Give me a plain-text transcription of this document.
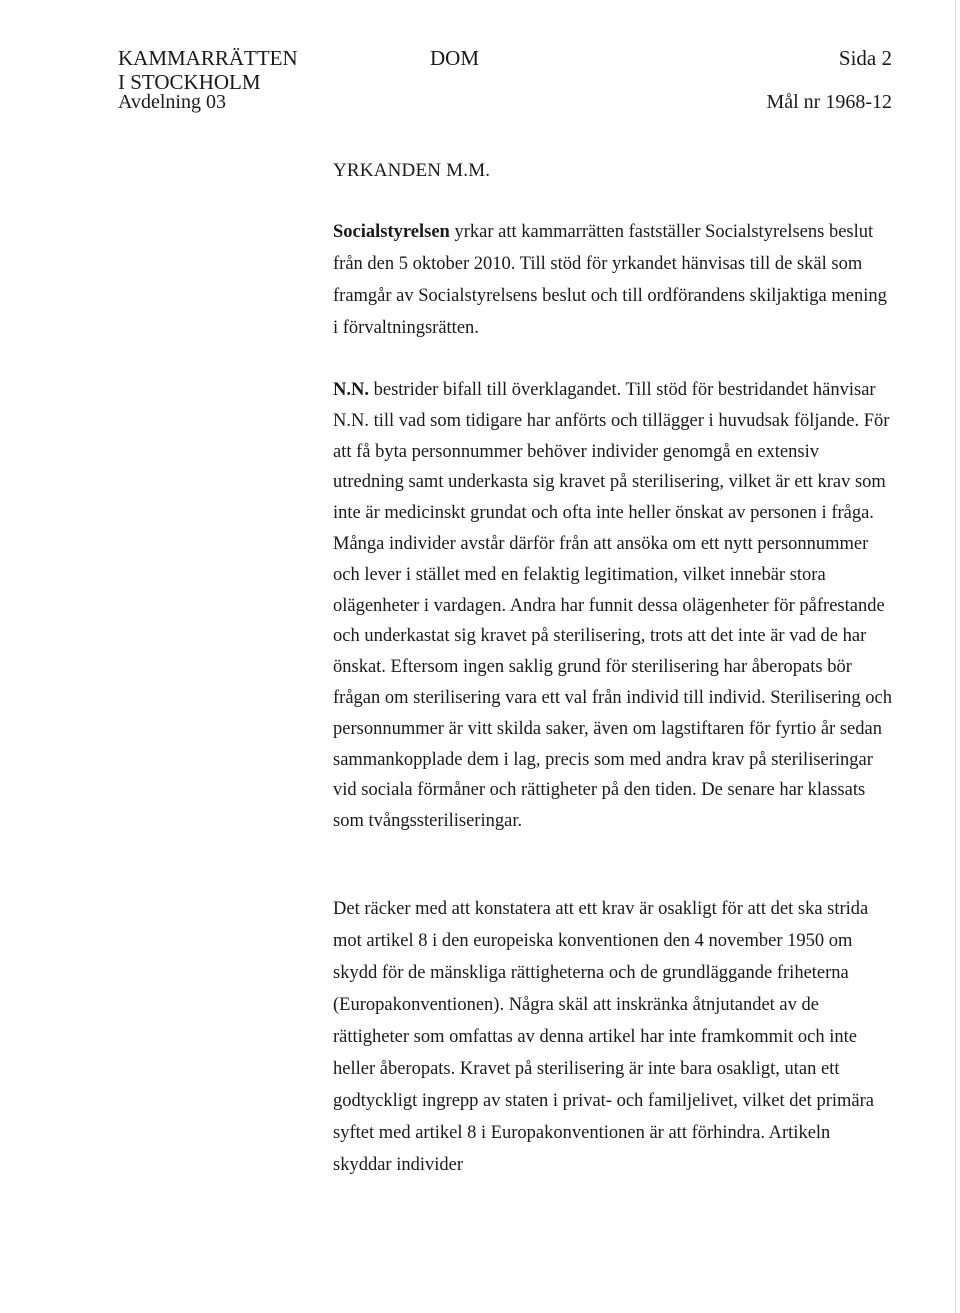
KAMMARRÄTTEN
I STOCKHOLM
Avdelning 03
DOM	Sida 2
Mål nr 1968-12
YRKANDEN M.M.
Socialstyrelsen yrkar att kammarrätten fastställer Socialstyrelsens beslut från den 5 oktober 2010. Till stöd för yrkandet hänvisas till de skäl som framgår av Socialstyrelsens beslut och till ordförandens skiljaktiga mening i förvaltningsrätten.
N.N. bestrider bifall till överklagandet. Till stöd för bestridandet hänvisar N.N. till vad som tidigare har anförts och tillägger i huvudsak följande. För att få byta personnummer behöver individer genomgå en extensiv utredning samt underkasta sig kravet på sterilisering, vilket är ett krav som inte är medicinskt grundat och ofta inte heller önskat av personen i fråga. Många individer avstår därför från att ansöka om ett nytt personnummer och lever i stället med en felaktig legitimation, vilket innebär stora olägenheter i vardagen. Andra har funnit dessa olägenheter för påfrestande och underkastat sig kravet på sterilisering, trots att det inte är vad de har önskat. Eftersom ingen saklig grund för sterilisering har åberopats bör frågan om sterilisering vara ett val från individ till individ. Sterilisering och personnummer är vitt skilda saker, även om lagstiftaren för fyrtio år sedan sammankopplade dem i lag, precis som med andra krav på steriliseringar vid sociala förmåner och rättigheter på den tiden. De senare har klassats som tvångssteriliseringar.
Det räcker med att konstatera att ett krav är osakligt för att det ska strida mot artikel 8 i den europeiska konventionen den 4 november 1950 om skydd för de mänskliga rättigheterna och de grundläggande friheterna (Europakonventionen). Några skäl att inskränka åtnjutandet av de rättigheter som omfattas av denna artikel har inte framkommit och inte heller åberopats. Kravet på sterilisering är inte bara osakligt, utan ett godtyckligt ingrepp av staten i privat- och familjelivet, vilket det primära syftet med artikel 8 i Europakonventionen är att förhindra. Artikeln skyddar individer
